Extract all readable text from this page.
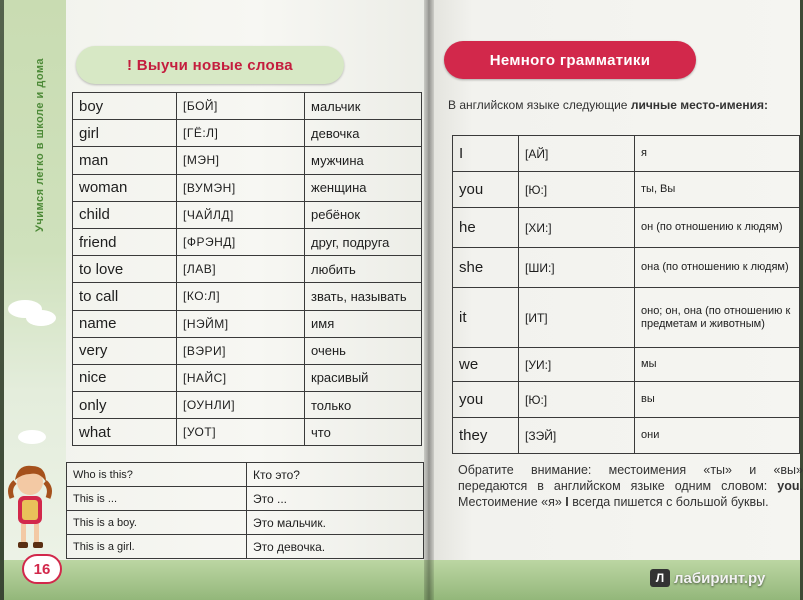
Учимся легко в школе и дома	! Выучи новые слова
boy	[БОЙ]	мальчик
girl	[ГЁ:Л]	девочка
man	[МЭН]	мужчина
woman	[ВУМЭН]	женщина
child	[ЧАЙЛД]	ребёнок
friend	[ФРЭНД]	друг, подруга
to love	[ЛАВ]	любить
to call	[КО:Л]	звать, называть
name	[НЭЙМ]	имя
very	[ВЭРИ]	очень
nice	[НАЙС]	красивый
only	[ОУНЛИ]	только
what	[УОТ]	что
Who is this?	Кто это?
This is ...	Это ...
This is a boy.	Это мальчик.
This is a girl.	Это девочка.
16
Немного грамматики
В английском языке следующие личные место-имения:
I	[АЙ]	я
you	[Ю:]	ты, Вы
he	[ХИ:]	он (по отношению к людям)
she	[ШИ:]	она (по отношению к людям)
it	[ИТ]	оно; он, она (по отношению к предметам и животным)
we	[УИ:]	мы
you	[Ю:]	вы
they	[ЗЭЙ]	они
Обратите внимание: местоимения «ты» и «вы» передаются в английском языке одним словом: you. Местоимение «я» I всегда пишется с большой буквы.
Л лабиринт.ру
